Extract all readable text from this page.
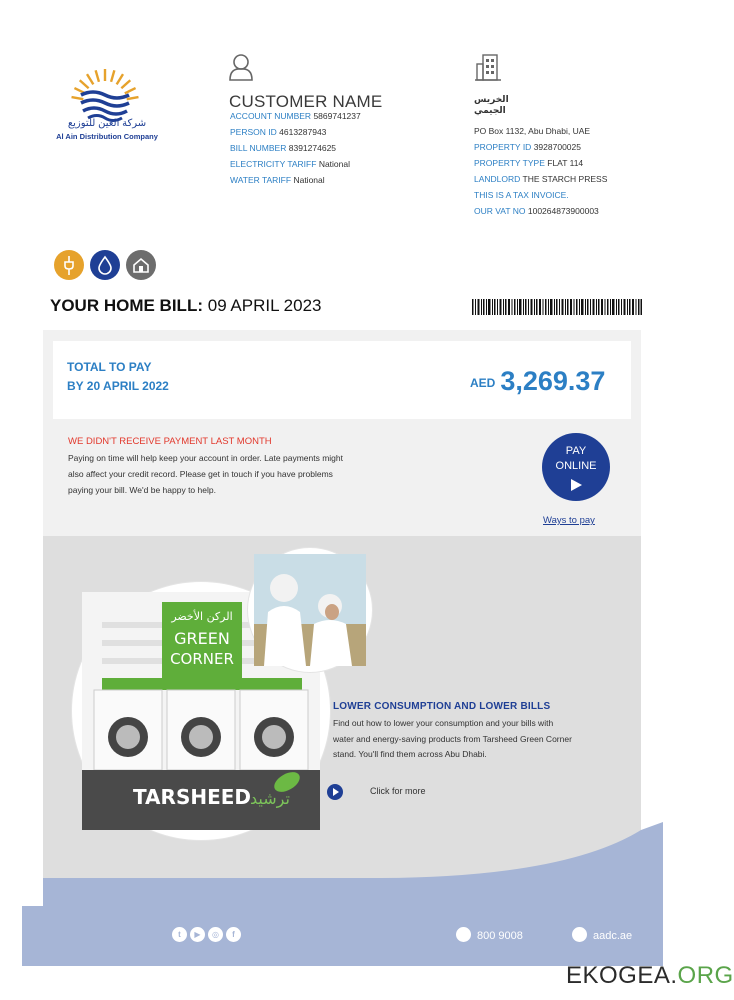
شركة العين للتوزيع
Al Ain Distribution Company
CUSTOMER NAME
ACCOUNT NUMBER 5869741237
PERSON ID 4613287943
BILL NUMBER 8391274625
ELECTRICITY TARIFF National
WATER TARIFF National
الخريس
الجيمي
PO Box 1132, Abu Dhabi, UAE
PROPERTY ID 3928700025
PROPERTY TYPE FLAT 114
LANDLORD THE STARCH PRESS
THIS IS A TAX INVOICE.
OUR VAT NO 100264873900003
YOUR HOME BILL: 09 APRIL 2023
TOTAL TO PAY
BY 20 APRIL 2022	AED 3,269.37
WE DIDN'T RECEIVE PAYMENT LAST MONTH
Paying on time will help keep your account in order. Late payments might also affect your credit record. Please get in touch if you have problems paying your bill. We'd be happy to help.
PAY
ONLINE
Ways to pay
الركن الأخضر
GREEN
CORNER
TARSHEED
ترشيد
LOWER CONSUMPTION AND LOWER BILLS
Find out how to lower your consumption and your bills with water and energy-saving products from Tarsheed Green Corner stand. You'll find them across Abu Dhabi.
Click for more
t	▶	◎	f	800 9008	aadc.ae
EKOGEA.ORG
